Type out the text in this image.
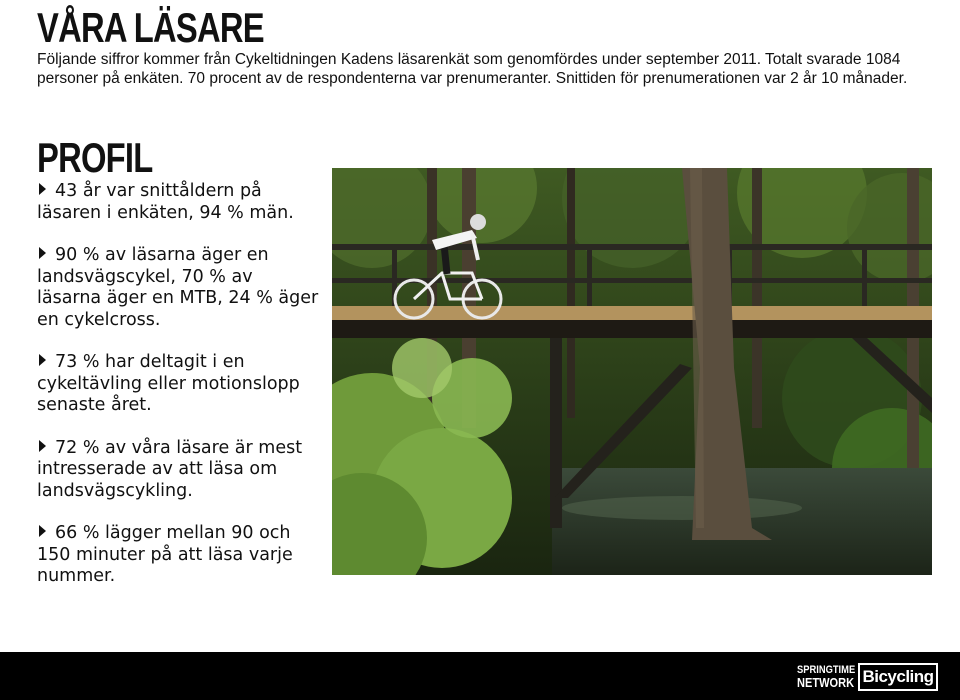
VÅRA LÄSARE

Följande siffror kommer från Cykeltidningen Kadens läsarenkät som genomfördes under september 2011. Totalt svarade 1084 personer på enkäten. 70 procent av de respondenterna var prenumeranter. Snittiden för prenumerationen var 2 år 10 månader.

PROFIL
43 år var snittåldern på läsaren i enkäten, 94 % män.
90 % av läsarna äger en landsvägscykel, 70 % av läsarna äger en MTB, 24 % äger en cykelcross.
73 % har deltagit i en cykeltävling eller motionslopp senaste året.
72 % av våra läsare är mest intresserade av att läsa om landsvägscykling.
66 % lägger mellan 90 och 150 minuter på att läsa varje nummer.
SPRINGTIME
NETWORK Bicycling
